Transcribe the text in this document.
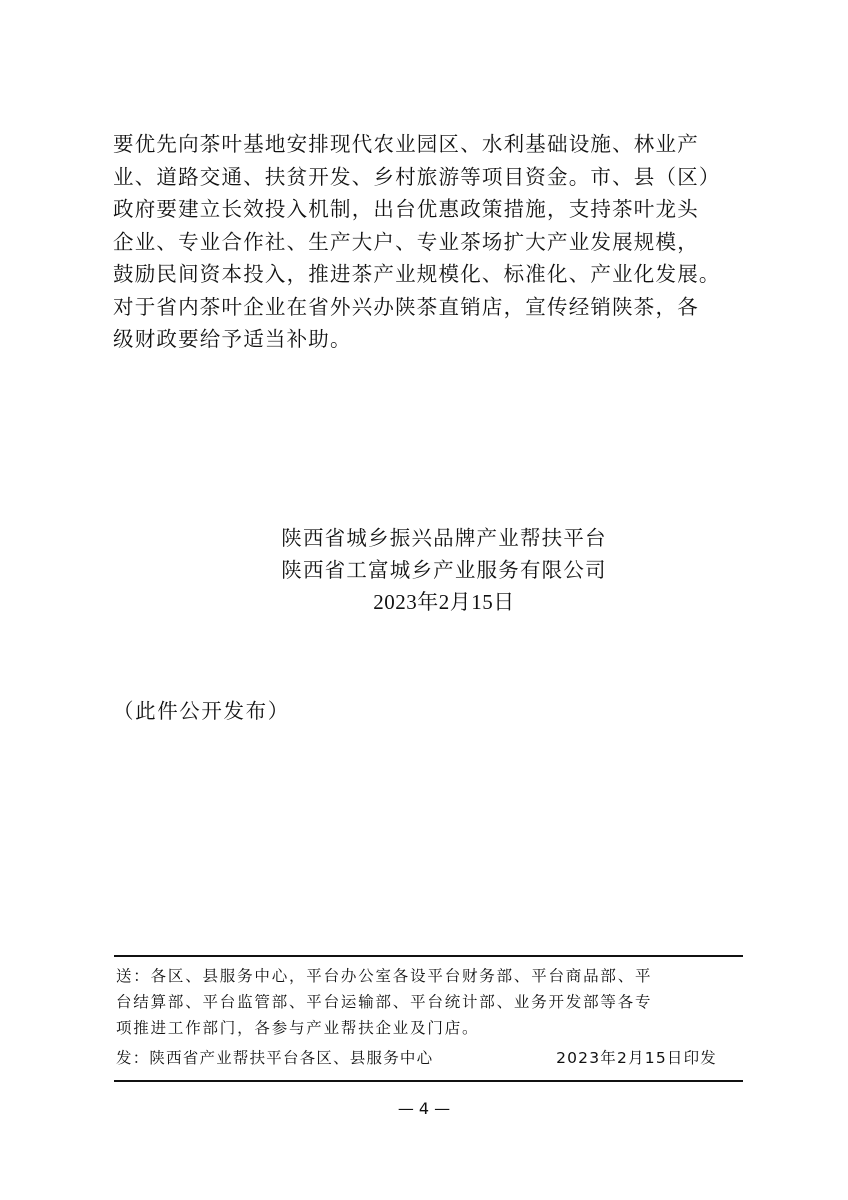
要优先向茶叶基地安排现代农业园区、水利基础设施、林业产
业、道路交通、扶贫开发、乡村旅游等项目资金。市、县（区）
政府要建立长效投入机制，出台优惠政策措施，支持茶叶龙头
企业、专业合作社、生产大户、专业茶场扩大产业发展规模，
鼓励民间资本投入，推进茶产业规模化、标准化、产业化发展。
对于省内茶叶企业在省外兴办陕茶直销店，宣传经销陕茶，各
级财政要给予适当补助。
陕西省城乡振兴品牌产业帮扶平台
陕西省工富城乡产业服务有限公司
2023年2月15日
（此件公开发布）
送：各区、县服务中心，平台办公室各设平台财务部、平台商品部、平
台结算部、平台监管部、平台运输部、平台统计部、业务开发部等各专
项推进工作部门，各参与产业帮扶企业及门店。
发：陕西省产业帮扶平台各区、县服务中心	2023年2月15日印发
— 4 —
